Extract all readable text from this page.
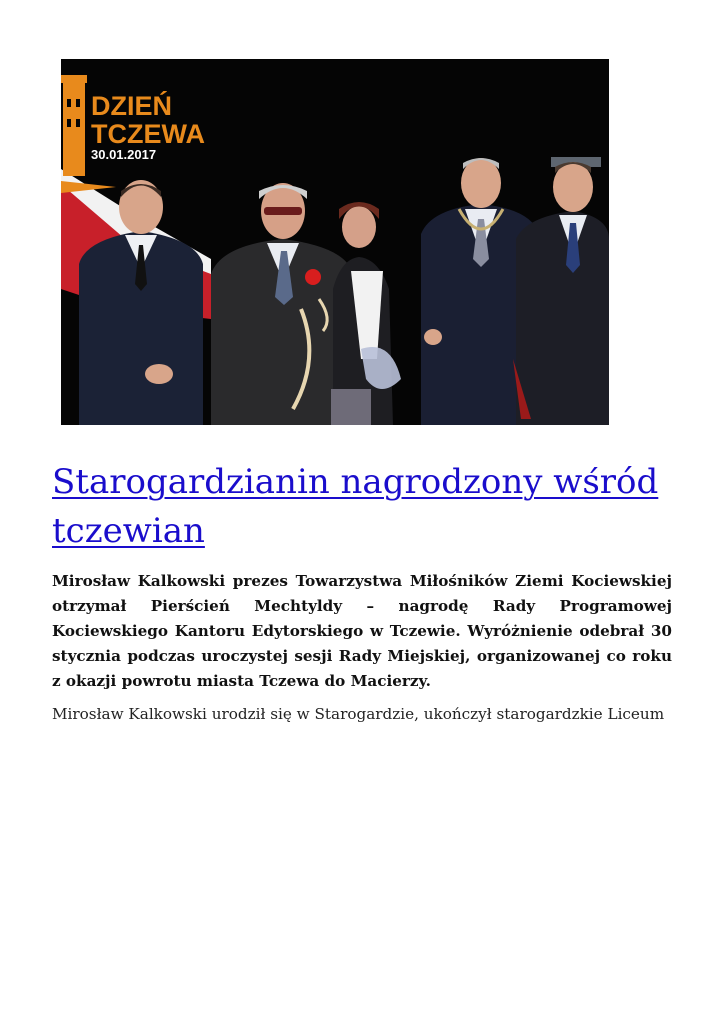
DZIEŃ
TCZEWA
30.01.2017
Starogardzianin nagrodzony wśród tczewian

Mirosław Kalkowski prezes Towarzystwa Miłośników Ziemi Kociewskiej otrzymał Pierścień Mechtyldy – nagrodę Rady Programowej Kociewskiego Kantoru Edytorskiego w Tczewie. Wyróżnienie odebrał 30 stycznia podczas uroczystej sesji Rady Miejskiej, organizowanej co roku z okazji powrotu miasta Tczewa do Macierzy.

Mirosław Kalkowski urodził się w Starogardzie, ukończył starogardzkie Liceum
